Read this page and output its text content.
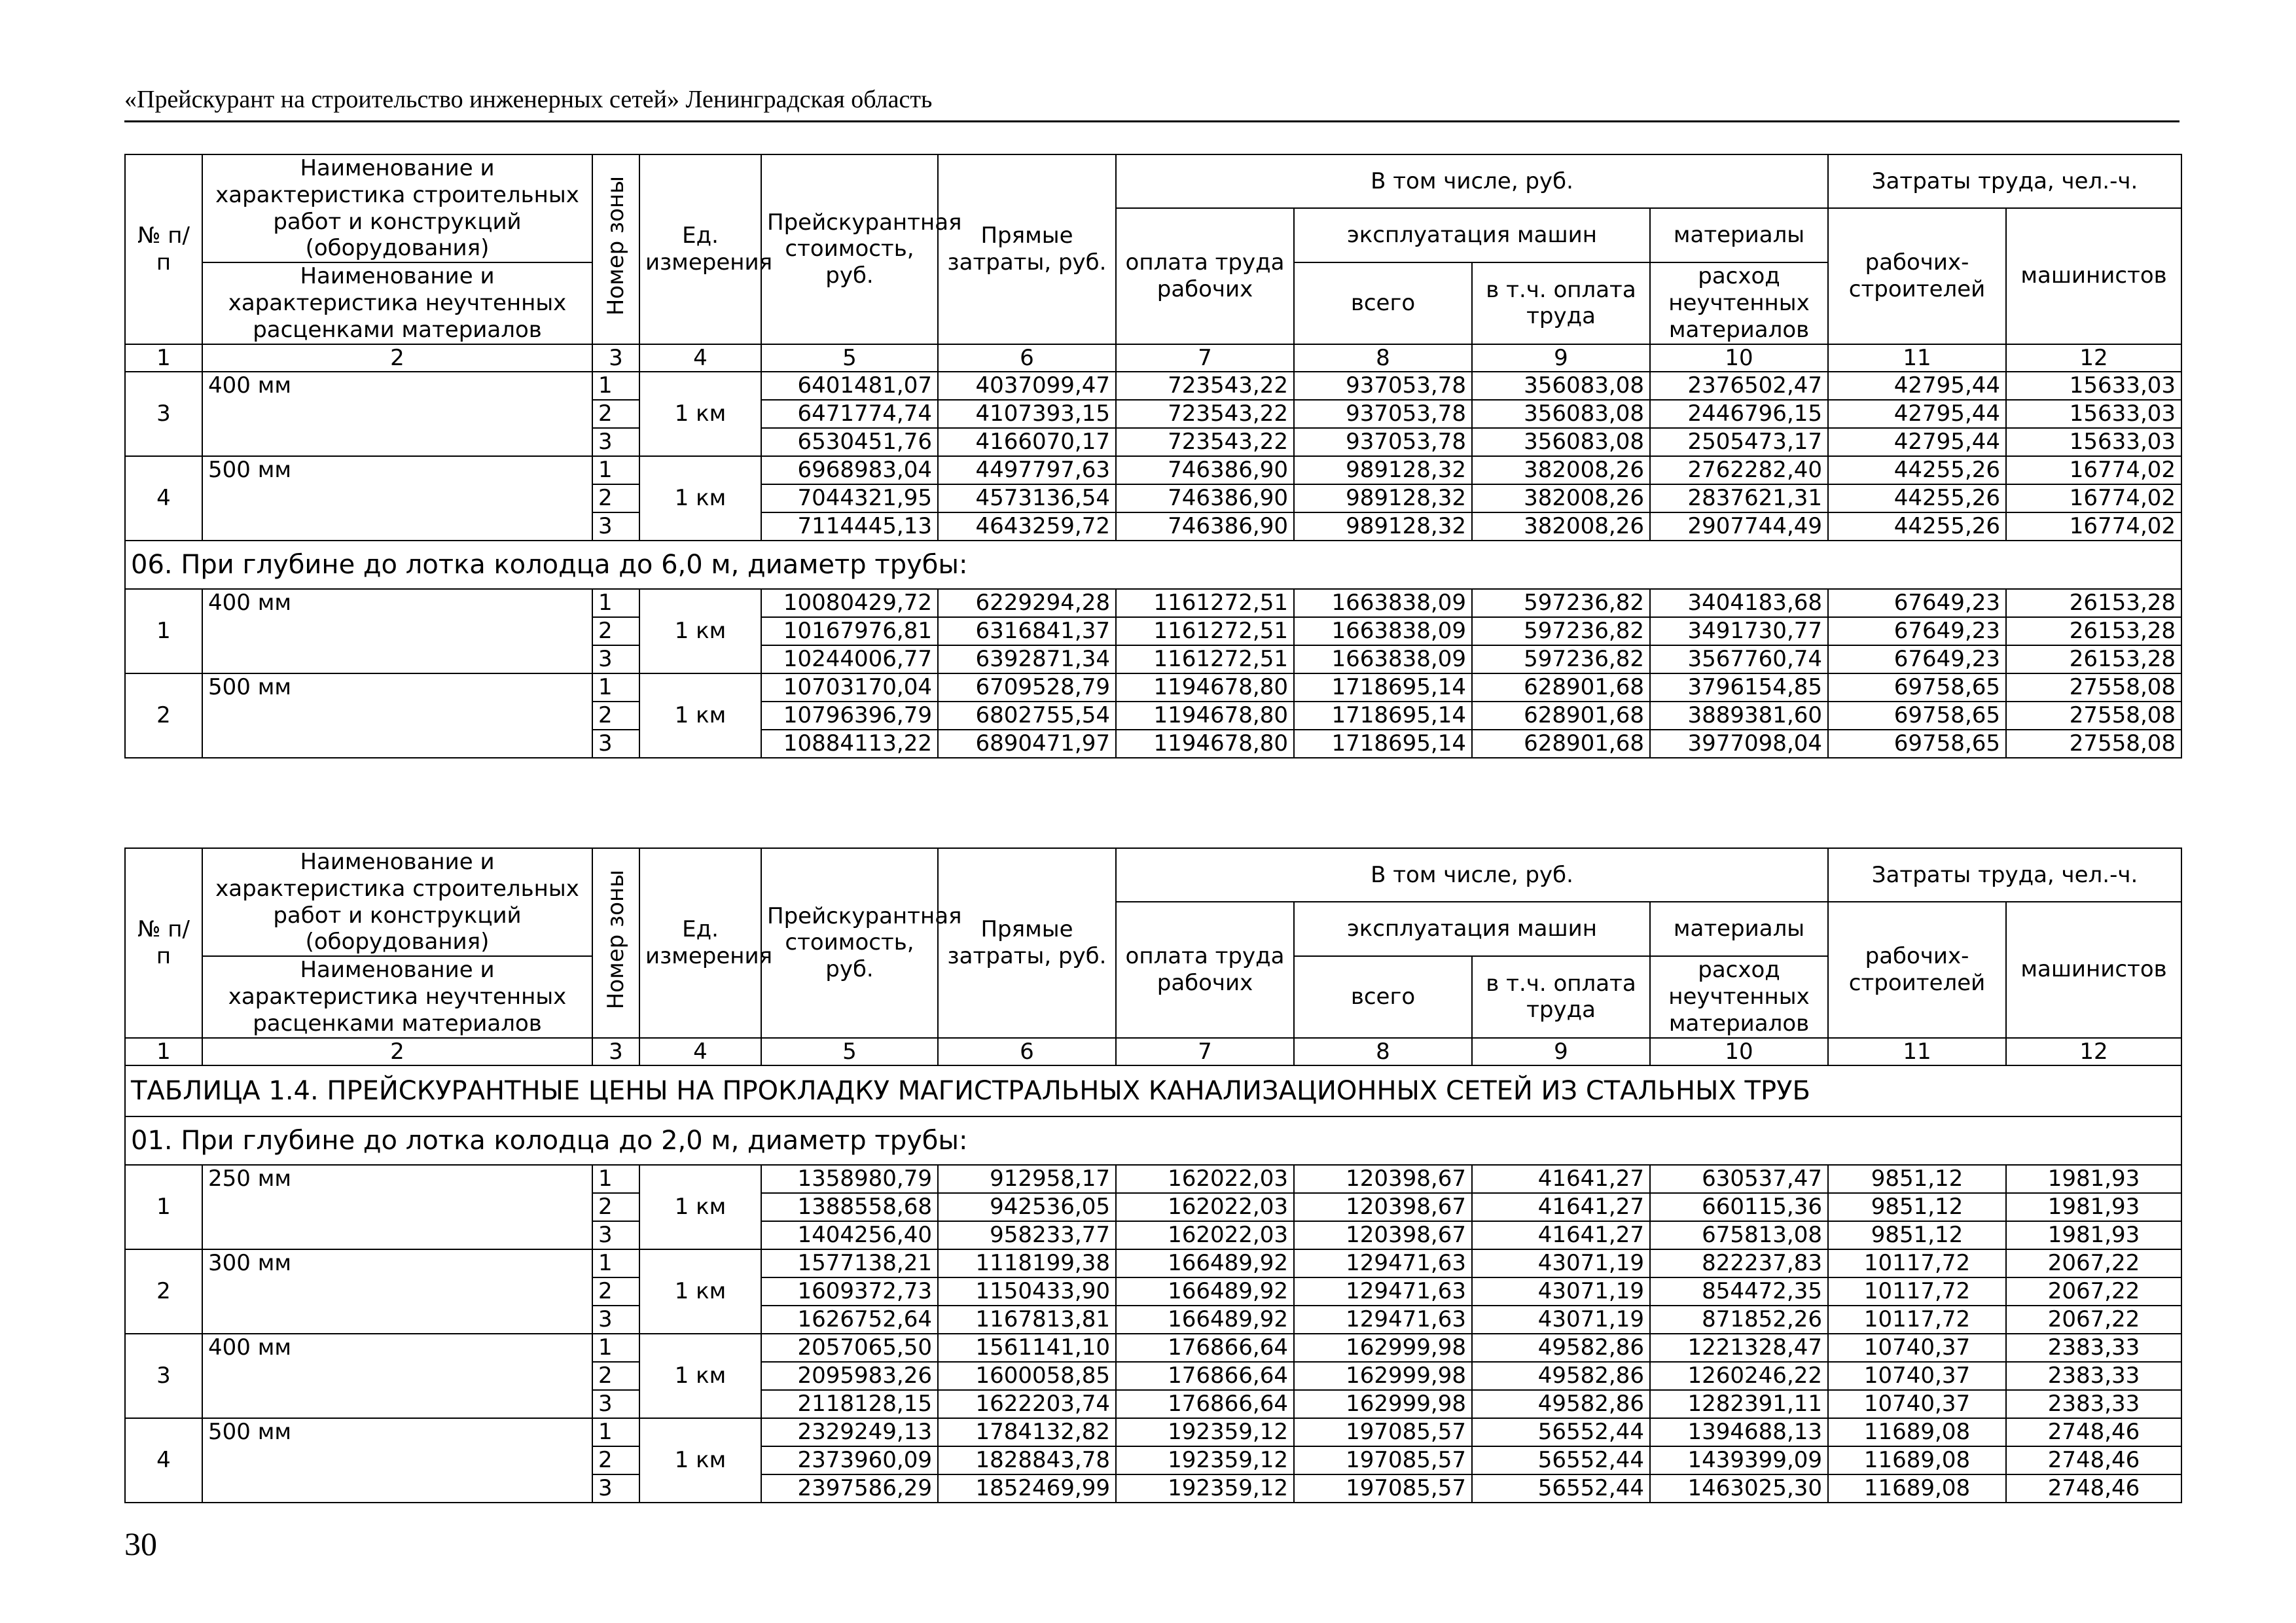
«Прейскурант на строительство инженерных сетей» Ленинградская область
№ п/п	Наименование и характеристика строительных работ и конструкций (оборудования)	Номер зоны	Ед. измерения	Прейскурантная стоимость, руб.	Прямые затраты, руб.	В том числе, руб.				Затраты труда, чел.-ч.	
						оплата труда рабочих	эксплуатация машин		материалы	рабочих-строителей	машинистов
	Наименование и характеристика неучтенных расценками материалов						всего	в т.ч. оплата труда	расход неучтенных материалов		

1	2	3	4	5	6	7	8	9	10	11	12
3	400 мм	1	1 км	6401481,07	4037099,47	723543,22	937053,78	356083,08	2376502,47	42795,44	15633,03
		2		6471774,74	4107393,15	723543,22	937053,78	356083,08	2446796,15	42795,44	15633,03
		3		6530451,76	4166070,17	723543,22	937053,78	356083,08	2505473,17	42795,44	15633,03
4	500 мм	1	1 км	6968983,04	4497797,63	746386,90	989128,32	382008,26	2762282,40	44255,26	16774,02
		2		7044321,95	4573136,54	746386,90	989128,32	382008,26	2837621,31	44255,26	16774,02
		3		7114445,13	4643259,72	746386,90	989128,32	382008,26	2907744,49	44255,26	16774,02
06. При глубине до лотка колодца до 6,0 м, диаметр трубы:											
1	400 мм	1	1 км	10080429,72	6229294,28	1161272,51	1663838,09	597236,82	3404183,68	67649,23	26153,28
		2		10167976,81	6316841,37	1161272,51	1663838,09	597236,82	3491730,77	67649,23	26153,28
		3		10244006,77	6392871,34	1161272,51	1663838,09	597236,82	3567760,74	67649,23	26153,28
2	500 мм	1	1 км	10703170,04	6709528,79	1194678,80	1718695,14	628901,68	3796154,85	69758,65	27558,08
		2		10796396,79	6802755,54	1194678,80	1718695,14	628901,68	3889381,60	69758,65	27558,08
		3		10884113,22	6890471,97	1194678,80	1718695,14	628901,68	3977098,04	69758,65	27558,08
№ п/п	Наименование и характеристика строительных работ и конструкций (оборудования)	Номер зоны	Ед. измерения	Прейскурантная стоимость, руб.	Прямые затраты, руб.	В том числе, руб.				Затраты труда, чел.-ч.	
						оплата труда рабочих	эксплуатация машин		материалы	рабочих-строителей	машинистов
	Наименование и характеристика неучтенных расценками материалов						всего	в т.ч. оплата труда	расход неучтенных материалов		

1	2	3	4	5	6	7	8	9	10	11	12
ТАБЛИЦА 1.4. ПРЕЙСКУРАНТНЫЕ ЦЕНЫ НА ПРОКЛАДКУ МАГИСТРАЛЬНЫХ КАНАЛИЗАЦИОННЫХ СЕТЕЙ ИЗ СТАЛЬНЫХ ТРУБ											
01. При глубине до лотка колодца до 2,0 м, диаметр трубы:											
1	250 мм	1	1 км	1358980,79	912958,17	162022,03	120398,67	41641,27	630537,47	9851,12	1981,93
		2		1388558,68	942536,05	162022,03	120398,67	41641,27	660115,36	9851,12	1981,93
		3		1404256,40	958233,77	162022,03	120398,67	41641,27	675813,08	9851,12	1981,93
2	300 мм	1	1 км	1577138,21	1118199,38	166489,92	129471,63	43071,19	822237,83	10117,72	2067,22
		2		1609372,73	1150433,90	166489,92	129471,63	43071,19	854472,35	10117,72	2067,22
		3		1626752,64	1167813,81	166489,92	129471,63	43071,19	871852,26	10117,72	2067,22
3	400 мм	1	1 км	2057065,50	1561141,10	176866,64	162999,98	49582,86	1221328,47	10740,37	2383,33
		2		2095983,26	1600058,85	176866,64	162999,98	49582,86	1260246,22	10740,37	2383,33
		3		2118128,15	1622203,74	176866,64	162999,98	49582,86	1282391,11	10740,37	2383,33
4	500 мм	1	1 км	2329249,13	1784132,82	192359,12	197085,57	56552,44	1394688,13	11689,08	2748,46
		2		2373960,09	1828843,78	192359,12	197085,57	56552,44	1439399,09	11689,08	2748,46
		3		2397586,29	1852469,99	192359,12	197085,57	56552,44	1463025,30	11689,08	2748,46
30
